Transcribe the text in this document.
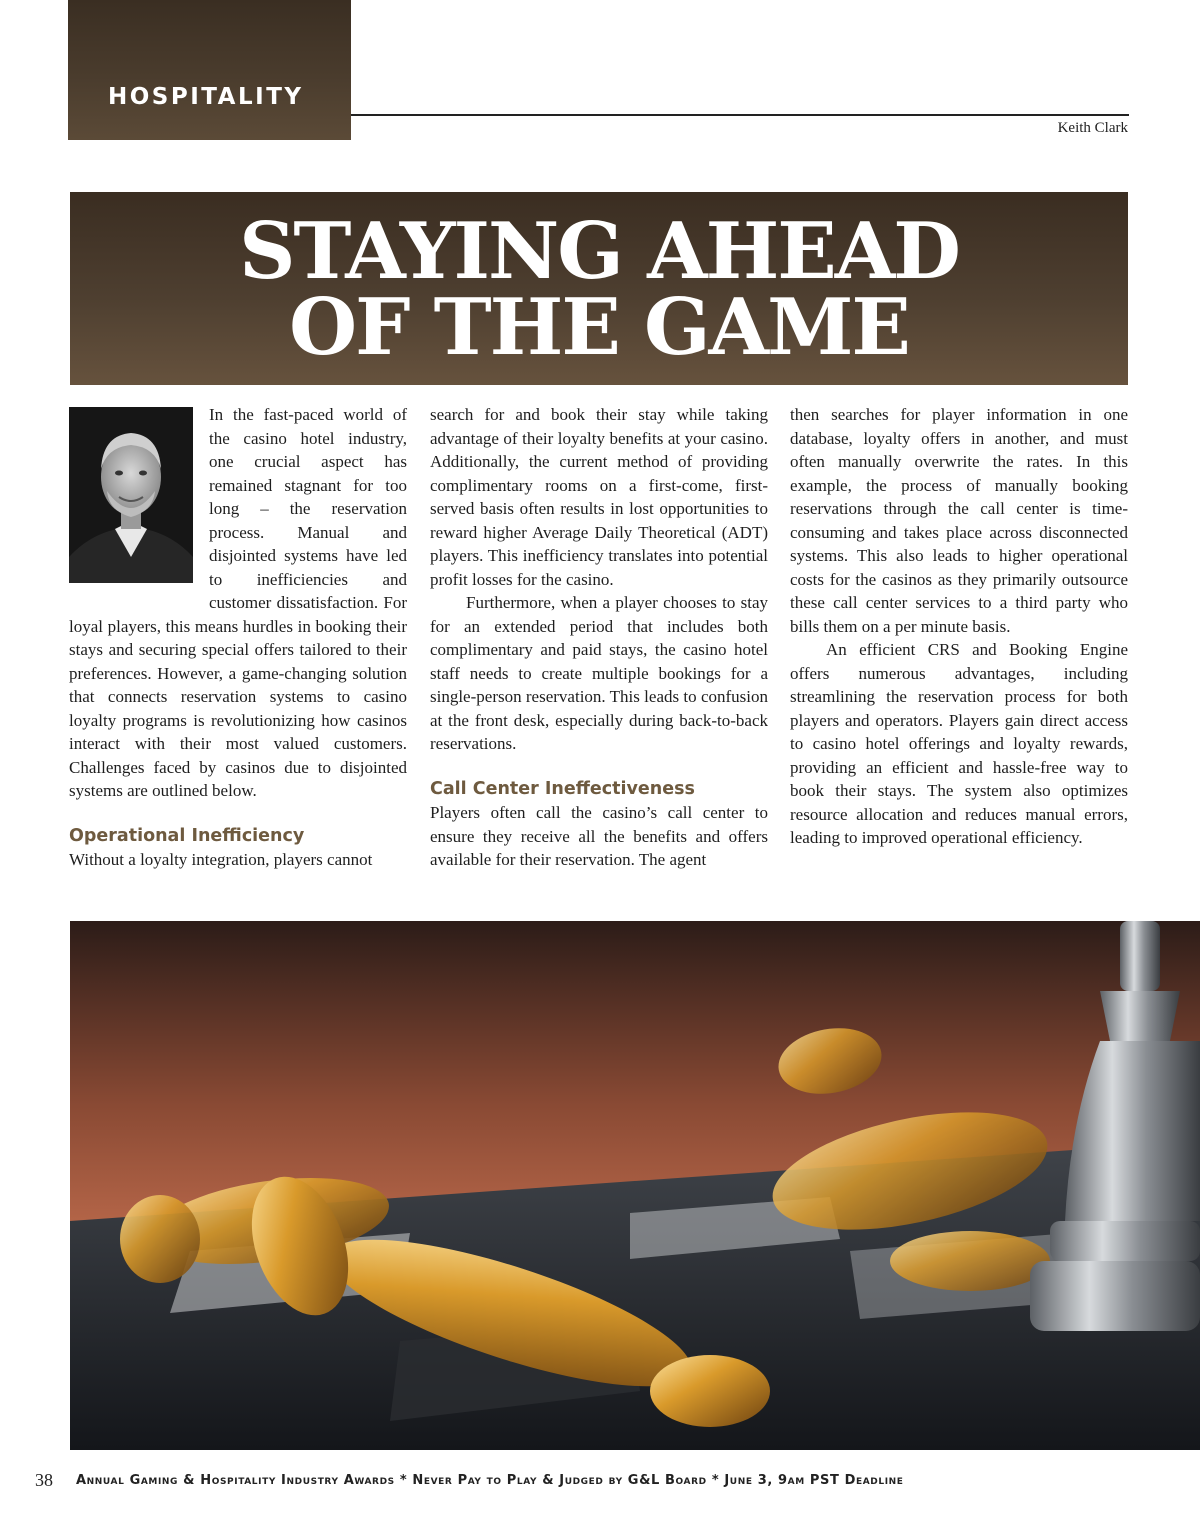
HOSPITALITY
Keith Clark
STAYING AHEAD
OF THE GAME

In the fast-paced world of the casino hotel industry, one crucial aspect has remained stagnant for too long – the reservation process. Manual and disjointed systems have led to inefficiencies and customer dissatisfaction. For loyal players, this means hurdles in booking their stays and securing special offers tailored to their preferences. However, a game-changing solution that connects reservation systems to casino loyalty programs is revolutionizing how casinos interact with their most valued customers. Challenges faced by casinos due to disjointed systems are outlined below.

Operational Inefficiency

Without a loyalty integration, players cannot

search for and book their stay while taking advantage of their loyalty benefits at your casino. Additionally, the current method of providing complimentary rooms on a first-come, first-served basis often results in lost opportunities to reward higher Average Daily Theoretical (ADT) players. This inefficiency translates into potential profit losses for the casino.

Furthermore, when a player chooses to stay for an extended period that includes both complimentary and paid stays, the casino hotel staff needs to create multiple bookings for a single-person reservation. This leads to confusion at the front desk, especially during back-to-back reservations.

Call Center Ineffectiveness

Players often call the casino’s call center to ensure they receive all the benefits and offers available for their reservation. The agent

then searches for player information in one database, loyalty offers in another, and must often manually overwrite the rates. In this example, the process of manually booking reservations through the call center is time-consuming and takes place across disconnected systems. This also leads to higher operational costs for the casinos as they primarily outsource these call center services to a third party who bills them on a per minute basis.

An efficient CRS and Booking Engine offers numerous advantages, including streamlining the reservation process for both players and operators. Players gain direct access to casino hotel offerings and loyalty rewards, providing an efficient and hassle-free way to book their stays. The system also optimizes resource allocation and reduces manual errors, leading to improved operational efficiency.

38 Annual Gaming & Hospitality Industry Awards * Never Pay to Play & Judged by G&L Board * June 3, 9am PST Deadline
